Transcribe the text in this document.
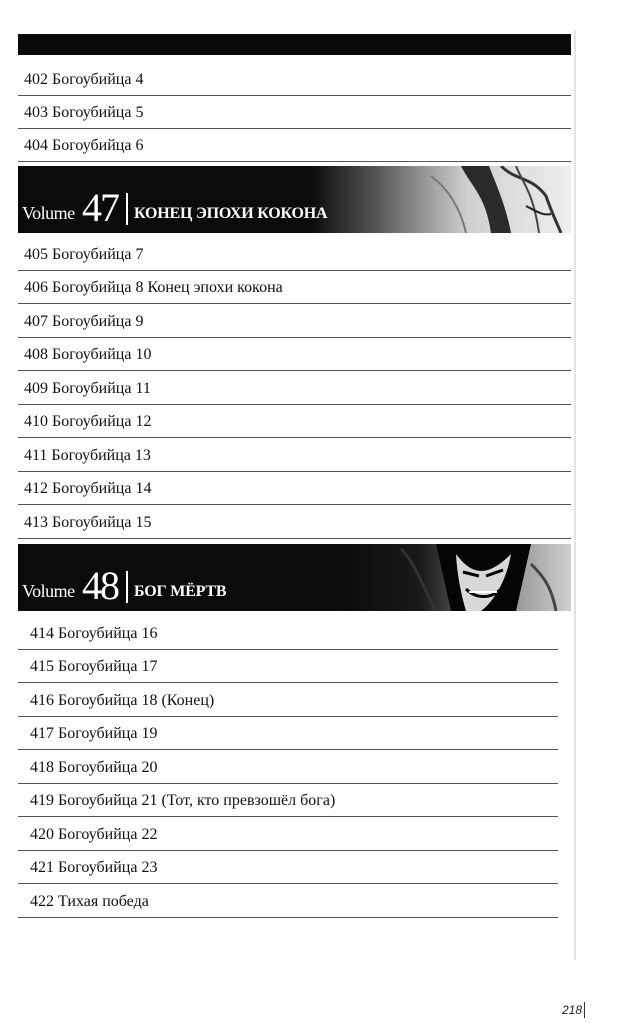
402 Богоубийца 4
403 Богоубийца 5
404 Богоубийца 6
Volume 47 КОНЕЦ ЭПОХИ КОКОНА
405 Богоубийца 7
406 Богоубийца 8 Конец эпохи кокона
407 Богоубийца 9
408 Богоубийца 10
409 Богоубийца 11
410 Богоубийца 12
411 Богоубийца 13
412 Богоубийца 14
413 Богоубийца 15
Volume 48 БОГ МЁРТВ
414 Богоубийца 16
415 Богоубийца 17
416 Богоубийца 18 (Конец)
417 Богоубийца 19
418 Богоубийца 20
419 Богоубийца 21 (Тот, кто превзошёл бога)
420 Богоубийца 22
421 Богоубийца 23
422 Тихая победа
218
